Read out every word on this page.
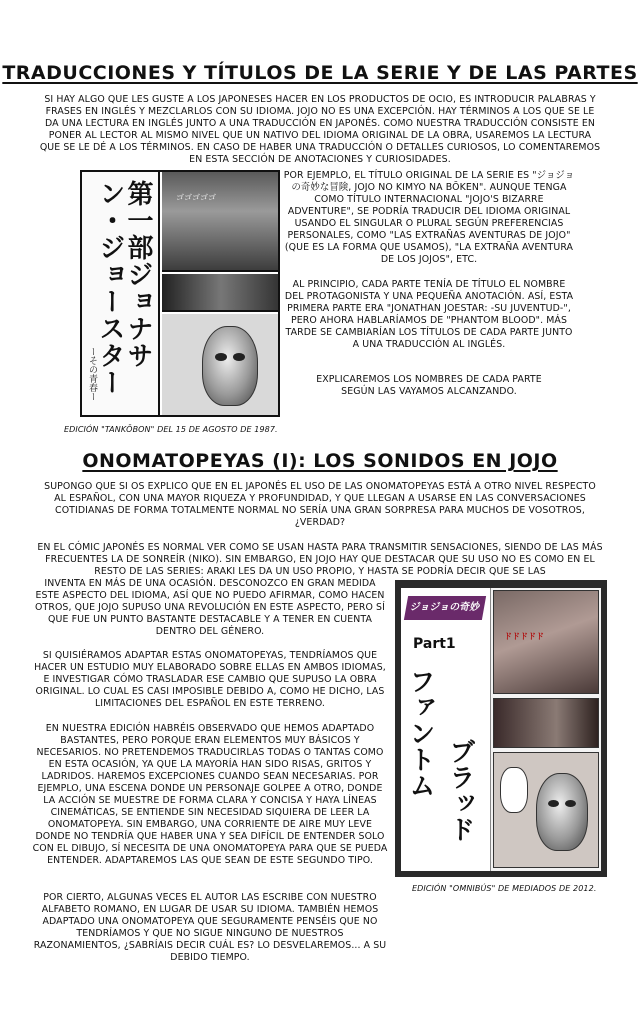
TRADUCCIONES Y TÍTULOS DE LA SERIE Y DE LAS PARTES

SI HAY ALGO QUE LES GUSTE A LOS JAPONESES HACER EN LOS PRODUCTOS DE OCIO, ES INTRODUCIR PALABRAS Y FRASES EN INGLÉS Y MEZCLARLOS CON SU IDIOMA. JOJO NO ES UNA EXCEPCIÓN. HAY TÉRMINOS A LOS QUE SE LE DA UNA LECTURA EN INGLÉS JUNTO A UNA TRADUCCIÓN EN JAPONÉS. COMO NUESTRA TRADUCCIÓN CONSISTE EN PONER AL LECTOR AL MISMO NIVEL QUE UN NATIVO DEL IDIOMA ORIGINAL DE LA OBRA, USAREMOS LA LECTURA QUE SE LE DÉ A LOS TÉRMINOS. EN CASO DE HABER UNA TRADUCCIÓN O DETALLES CURIOSOS, LO COMENTAREMOS EN ESTA SECCIÓN DE ANOTACIONES Y CURIOSIDADES.

第一部ジョナサン・ジョースター
ーその青春ー
ゴゴゴゴゴ

POR EJEMPLO, EL TÍTULO ORIGINAL DE LA SERIE ES "ジョジョの奇妙な冒険, JOJO NO KIMYO NA BŌKEN". AUNQUE TENGA COMO TÍTULO INTERNACIONAL "JOJO'S BIZARRE ADVENTURE", SE PODRÍA TRADUCIR DEL IDIOMA ORIGINAL USANDO EL SINGULAR O PLURAL SEGÚN PREFERENCIAS PERSONALES, COMO "LAS EXTRAÑAS AVENTURAS DE JOJO" (QUE ES LA FORMA QUE USAMOS), "LA EXTRAÑA AVENTURA DE LOS JOJOS", ETC.

AL PRINCIPIO, CADA PARTE TENÍA DE TÍTULO EL NOMBRE DEL PROTAGONISTA Y UNA PEQUEÑA ANOTACIÓN. ASÍ, ESTA PRIMERA PARTE ERA "JONATHAN JOESTAR: -SU JUVENTUD-", PERO AHORA HABLARÍAMOS DE "PHANTOM BLOOD". MÁS TARDE SE CAMBIARÍAN LOS TÍTULOS DE CADA PARTE JUNTO A UNA TRADUCCIÓN AL INGLÉS.

EXPLICAREMOS LOS NOMBRES DE CADA PARTE SEGÚN LAS VAYAMOS ALCANZANDO.

EDICIÓN "TANKŌBON" DEL 15 DE AGOSTO DE 1987.
ONOMATOPEYAS (I): LOS SONIDOS EN JOJO

SUPONGO QUE SI OS EXPLICO QUE EN EL JAPONÉS EL USO DE LAS ONOMATOPEYAS ESTÁ A OTRO NIVEL RESPECTO AL ESPAÑOL, CON UNA MAYOR RIQUEZA Y PROFUNDIDAD, Y QUE LLEGAN A USARSE EN LAS CONVERSACIONES COTIDIANAS DE FORMA TOTALMENTE NORMAL NO SERÍA UNA GRAN SORPRESA PARA MUCHOS DE VOSOTROS, ¿VERDAD?

EN EL CÓMIC JAPONÉS ES NORMAL VER COMO SE USAN HASTA PARA TRANSMITIR SENSACIONES, SIENDO DE LAS MÁS FRECUENTES LA DE SONREÍR (NIKO). SIN EMBARGO, EN JOJO HAY QUE DESTACAR QUE SU USO NO ES COMO EN EL RESTO DE LAS SERIES: ARAKI LES DA UN USO PROPIO, Y HASTA SE PODRÍA DECIR QUE SE LAS

INVENTA EN MÁS DE UNA OCASIÓN. DESCONOZCO EN GRAN MEDIDA ESTE ASPECTO DEL IDIOMA, ASÍ QUE NO PUEDO AFIRMAR, COMO HACEN OTROS, QUE JOJO SUPUSO UNA REVOLUCIÓN EN ESTE ASPECTO, PERO SÍ QUE FUE UN PUNTO BASTANTE DESTACABLE Y A TENER EN CUENTA DENTRO DEL GÉNERO.

SI QUISIÉRAMOS ADAPTAR ESTAS ONOMATOPEYAS, TENDRÍAMOS QUE HACER UN ESTUDIO MUY ELABORADO SOBRE ELLAS EN AMBOS IDIOMAS, E INVESTIGAR CÓMO TRASLADAR ESE CAMBIO QUE SUPUSO LA OBRA ORIGINAL. LO CUAL ES CASI IMPOSIBLE DEBIDO A, COMO HE DICHO, LAS LIMITACIONES DEL ESPAÑOL EN ESTE TERRENO.

EN NUESTRA EDICIÓN HABRÉIS OBSERVADO QUE HEMOS ADAPTADO BASTANTES, PERO PORQUE ERAN ELEMENTOS MUY BÁSICOS Y NECESARIOS. NO PRETENDEMOS TRADUCIRLAS TODAS O TANTAS COMO EN ESTA OCASIÓN, YA QUE LA MAYORÍA HAN SIDO RISAS, GRITOS Y LADRIDOS. HAREMOS EXCEPCIONES CUANDO SEAN NECESARIAS. POR EJEMPLO, UNA ESCENA DONDE UN PERSONAJE GOLPEE A OTRO, DONDE LA ACCIÓN SE MUESTRE DE FORMA CLARA Y CONCISA Y HAYA LÍNEAS CINEMÁTICAS, SE ENTIENDE SIN NECESIDAD SIQUIERA DE LEER LA ONOMATOPEYA. SIN EMBARGO, UNA CORRIENTE DE AIRE MUY LEVE DONDE NO TENDRÍA QUE HABER UNA Y SEA DIFÍCIL DE ENTENDER SOLO CON EL DIBUJO, SÍ NECESITA DE UNA ONOMATOPEYA PARA QUE SE PUEDA ENTENDER. ADAPTAREMOS LAS QUE SEAN DE ESTE SEGUNDO TIPO.

POR CIERTO, ALGUNAS VECES EL AUTOR LAS ESCRIBE CON NUESTRO ALFABETO ROMANO, EN LUGAR DE USAR SU IDIOMA. TAMBIÉN HEMOS ADAPTADO UNA ONOMATOPEYA QUE SEGURAMENTE PENSÉIS QUE NO TENDRÍAMOS Y QUE NO SIGUE NINGUNO DE NUESTROS RAZONAMIENTOS, ¿SABRÍAIS DECIR CUÁL ES? LO DESVELAREMOS... A SU DEBIDO TIEMPO.

ジョジョの奇妙な冒険
Part1
ファントム ブラッド
ドドドドド
EDICIÓN "OMNIBÚS" DE MEDIADOS DE 2012.
